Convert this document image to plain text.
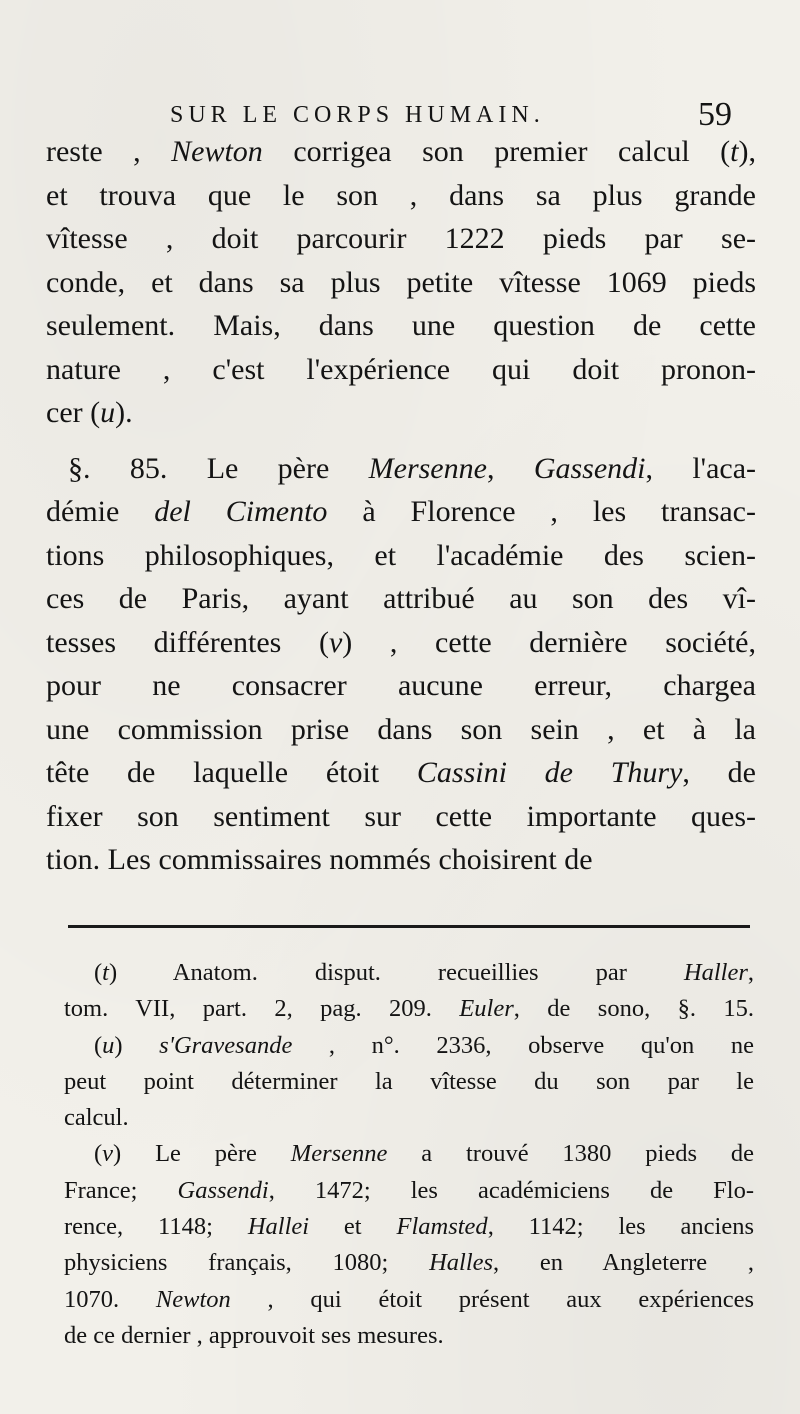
SUR LE CORPS HUMAIN.	59
reste , Newton corrigea son premier calcul (t),
et trouva que le son , dans sa plus grande
vîtesse , doit parcourir 1222 pieds par se-
conde, et dans sa plus petite vîtesse 1069 pieds
seulement. Mais, dans une question de cette
nature , c'est l'expérience qui doit pronon-
cer (u).
§. 85. Le père Mersenne, Gassendi, l'aca-
démie del Cimento à Florence , les transac-
tions philosophiques, et l'académie des scien-
ces de Paris, ayant attribué au son des vî-
tesses différentes (v) , cette dernière société,
pour ne consacrer aucune erreur, chargea
une commission prise dans son sein , et à la
tête de laquelle étoit Cassini de Thury, de
fixer son sentiment sur cette importante ques-
tion. Les commissaires nommés choisirent de
(t) Anatom. disput. recueillies par Haller,
tom. VII, part. 2, pag. 209. Euler, de sono, §. 15.
(u) s'Gravesande , n°. 2336, observe qu'on ne
peut point déterminer la vîtesse du son par le
calcul.
(v) Le père Mersenne a trouvé 1380 pieds de
France; Gassendi, 1472; les académiciens de Flo-
rence, 1148; Hallei et Flamsted, 1142; les anciens
physiciens français, 1080; Halles, en Angleterre ,
1070. Newton , qui étoit présent aux expériences
de ce dernier , approuvoit ses mesures.
